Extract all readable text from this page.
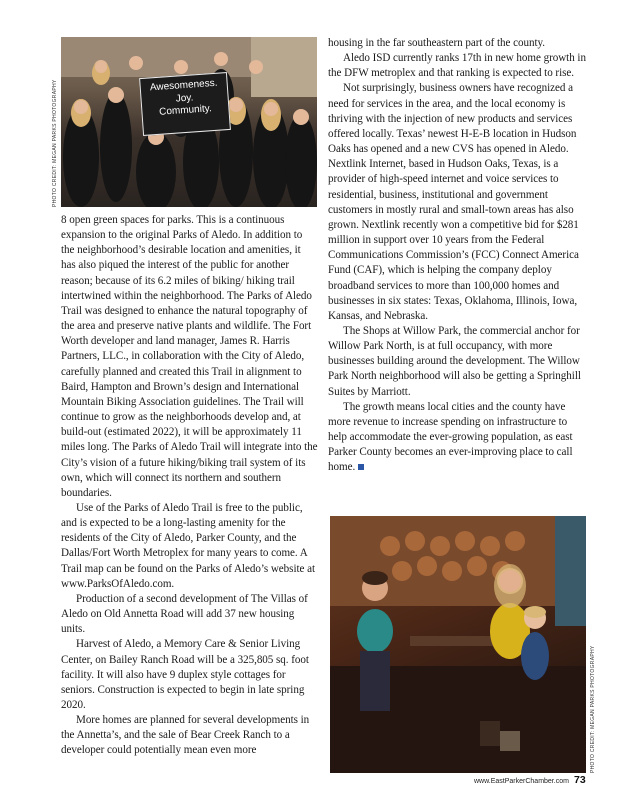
Awesomeness.
Joy.
Community.
PHOTO CREDIT: MEGAN PARKS PHOTOGRAPHY

8 open green spaces for parks. This is a continuous expansion to the original Parks of Aledo. In addition to the neighborhood’s desirable location and amenities, it has also piqued the interest of the public for another reason; because of its 6.2 miles of biking/ hiking trail intertwined within the neighborhood. The Parks of Aledo Trail was designed to enhance the natural topography of the area and preserve native plants and wildlife. The Fort Worth developer and land manager, James R. Harris Partners, LLC., in collaboration with the City of Aledo, carefully planned and created this Trail in alignment to Baird, Hampton and Brown’s design and International Mountain Biking Association guidelines. The Trail will continue to grow as the neighborhoods develop and, at build-out (estimated 2022), it will be approximately 11 miles long. The Parks of Aledo Trail will integrate into the City’s vision of a future hiking/biking trail system of its own, which will connect its northern and southern boundaries.

Use of the Parks of Aledo Trail is free to the public, and is expected to be a long-lasting amenity for the residents of the City of Aledo, Parker County, and the Dallas/Fort Worth Metroplex for many years to come. A Trail map can be found on the Parks of Aledo’s website at www.ParksOfAledo.com.

Production of a second development of The Villas of Aledo on Old Annetta Road will add 37 new housing units.

Harvest of Aledo, a Memory Care & Senior Living Center, on Bailey Ranch Road will be a 325,805 sq. foot facility. It will also have 9 duplex style cottages for seniors. Construction is expected to begin in late spring 2020.

More homes are planned for several developments in the Annetta’s, and the sale of Bear Creek Ranch to a developer could potentially mean even more

housing in the far southeastern part of the county.

Aledo ISD currently ranks 17th in new home growth in the DFW metroplex and that ranking is expected to rise.

Not surprisingly, business owners have recognized a need for services in the area, and the local economy is thriving with the injection of new products and services offered locally. Texas’ newest H-E-B location in Hudson Oaks has opened and a new CVS has opened in Aledo. Nextlink Internet, based in Hudson Oaks, Texas, is a provider of high-speed internet and voice services to residential, business, institutional and government customers in mostly rural and small-town areas has also grown. Nextlink recently won a competitive bid for $281 million in support over 10 years from the Federal Communications Commission’s (FCC) Connect America Fund (CAF), which is helping the company deploy broadband services to more than 100,000 homes and businesses in six states: Texas, Oklahoma, Illinois, Iowa, Kansas, and Nebraska.

The Shops at Willow Park, the commercial anchor for Willow Park North, is at full occupancy, with more businesses building around the development. The Willow Park North neighborhood will also be getting a Springhill Suites by Marriott.

The growth means local cities and the county have more revenue to increase spending on infrastructure to help accommodate the ever-growing population, as east Parker County becomes an ever-improving place to call home.

PHOTO CREDIT: MEGAN PARKS PHOTOGRAPHY
www.EastParkerChamber.com 73
